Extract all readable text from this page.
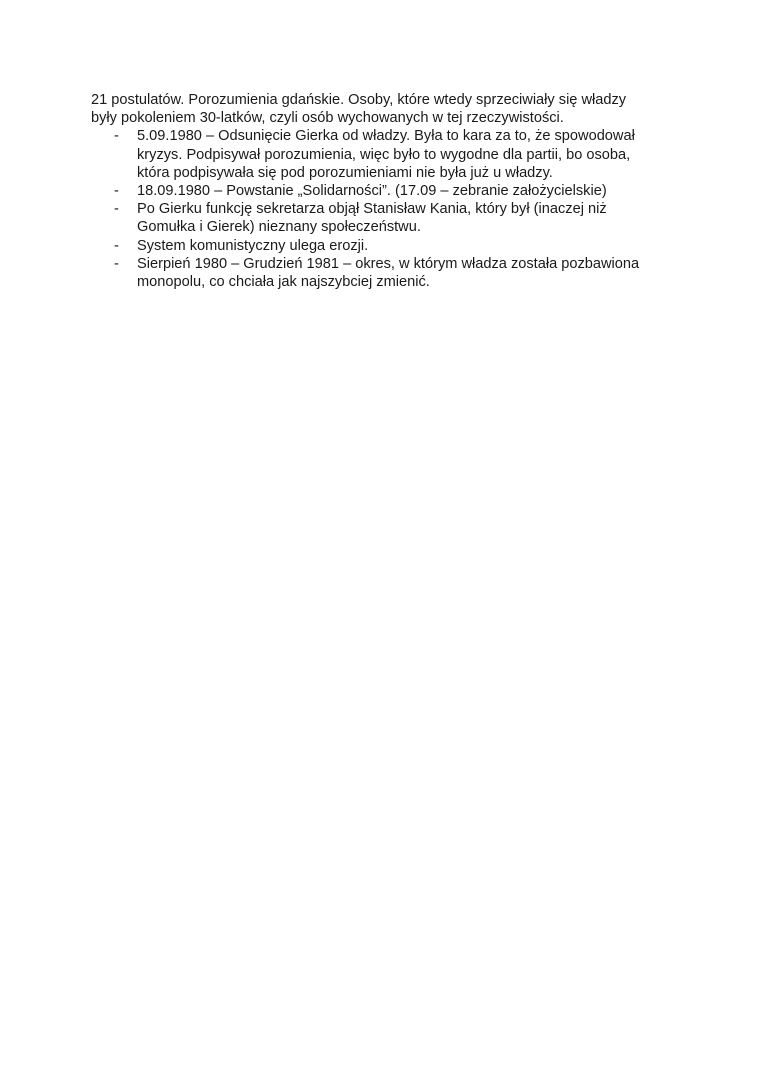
21 postulatów. Porozumienia gdańskie. Osoby, które wtedy sprzeciwiały się władzy
były pokoleniem 30-latków, czyli osób wychowanych w tej rzeczywistości.

- 5.09.1980 – Odsunięcie Gierka od władzy. Była to kara za to, że spowodował
kryzys. Podpisywał porozumienia, więc było to wygodne dla partii, bo osoba,
która podpisywała się pod porozumieniami nie była już u władzy.
- 18.09.1980 – Powstanie „Solidarności”. (17.09 – zebranie założycielskie)
- Po Gierku funkcję sekretarza objął Stanisław Kania, który był (inaczej niż
Gomułka i Gierek) nieznany społeczeństwu.
- System komunistyczny ulega erozji.
- Sierpień 1980 – Grudzień 1981 – okres, w którym władza została pozbawiona
monopolu, co chciała jak najszybciej zmienić.
